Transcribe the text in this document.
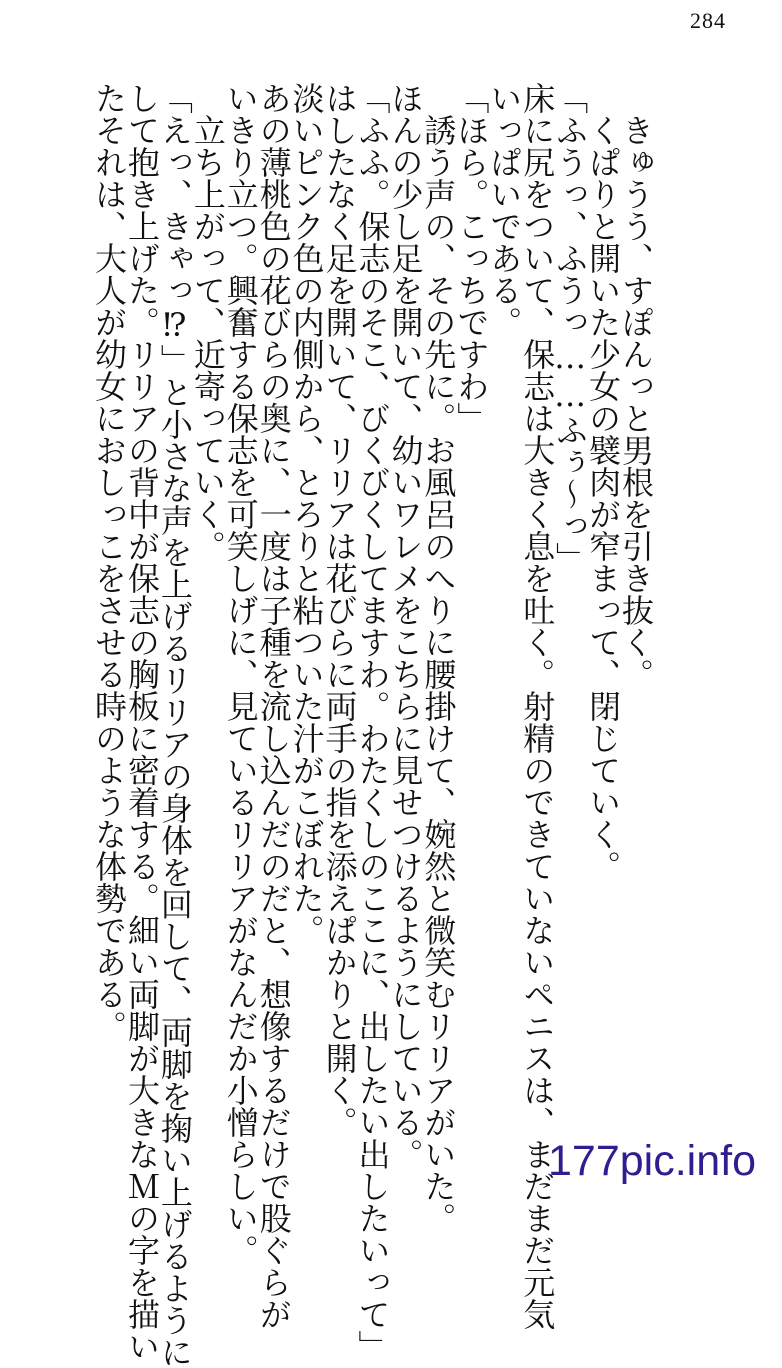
284
きゅうう、すぽんっと男根を引き抜く。
くぱりと開いた少女の襞肉が窄まって、閉じていく。
「ふうっ、ふうっ……ふぅ～っ」
床に尻をついて、保志は大きく息を吐く。射精のできていないペニスは、まだまだ元気
いっぱいである。
「ほら。こっちですわ」
誘う声の、その先に。お風呂のへりに腰掛けて、婉然と微笑むリリアがいた。
ほんの少し足を開いて、幼いワレメをこちらに見せつけるようにしている。
「ふふ。保志のそこ、びくびくしてますわ。わたくしのここに、出したい出したいって」
はしたなく足を開いて、リリアは花びらに両手の指を添えぱかりと開く。
淡いピンク色の内側から、とろりと粘ついた汁がこぼれた。
あの薄桃色の花びらの奥に、一度は子種を流し込んだのだと、想像するだけで股ぐらが
いきり立つ。興奮する保志を可笑しげに、見ているリリアがなんだか小憎らしい。
立ち上がって、近寄っていく。
「えっ、きゃっ⁉」と小さな声を上げるリリアの身体を回して、両脚を掬い上げるように
して抱き上げた。リリアの背中が保志の胸板に密着する。細い両脚が大きなＭの字を描い
たそれは、大人が幼女におしっこをさせる時のような体勢である。
177pic.info
